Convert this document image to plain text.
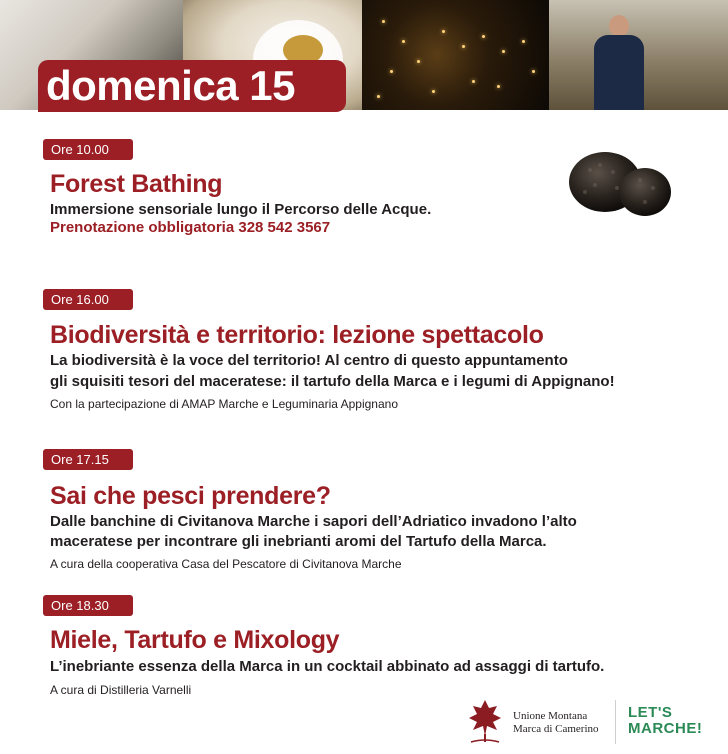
domenica 15
Ore 10.00
Forest Bathing
Immersione sensoriale lungo il Percorso delle Acque.
Prenotazione obbligatoria 328 542 3567
Ore 16.00
Biodiversità e territorio: lezione spettacolo
La biodiversità è la voce del territorio! Al centro di questo appuntamento
gli squisiti tesori del maceratese: il tartufo della Marca e i legumi di Appignano!
Con la partecipazione di AMAP Marche e Leguminaria Appignano
Ore 17.15
Sai che pesci prendere?
Dalle banchine di Civitanova Marche i sapori dell’Adriatico invadono l’alto
maceratese per incontrare gli inebrianti aromi del Tartufo della Marca.
A cura della cooperativa Casa del Pescatore di Civitanova Marche
Ore 18.30
Miele, Tartufo e Mixology
L’inebriante essenza della Marca in un cocktail abbinato ad assaggi di tartufo.
A cura di Distilleria Varnelli
Unione Montana
Marca di Camerino
LET'S
MARCHE!
